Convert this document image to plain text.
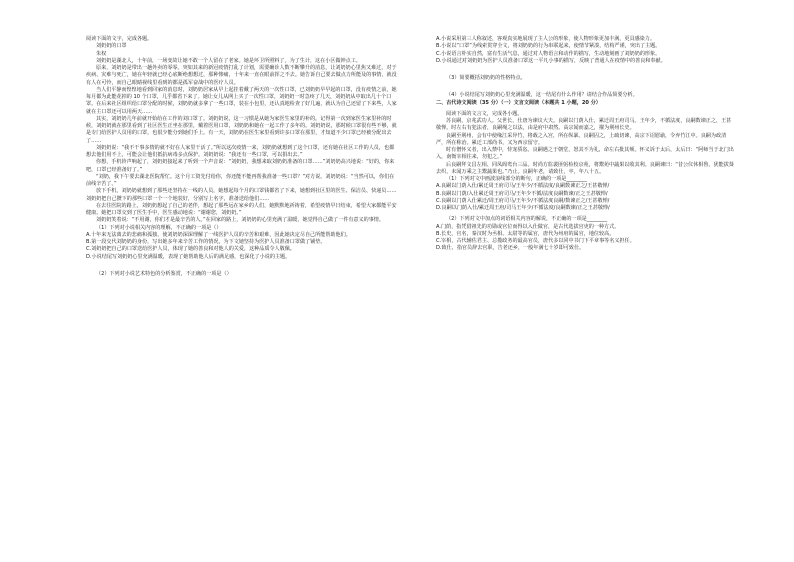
阅读下面的文字，完成各题。

刘奶奶的口罩

朱权

刘奶奶是湖北人，十年前，一场变故让她不敢一个人留在了老家。她是坏卫所照料了，为了生计，这在小区做钟点工。

原来，刘奶奶是带出一趟外卖的零零。突如其来的新冠疫情打乱了计划，需要确诊人数不断攀升的消息，让刘奶奶心里焦又难过，对于疾病、灾难与死亡，她在年轻就已经心底断绝想想过，那种惨痛，十年来一直在眼前挥之不去。她告诉自己要去做点力所能及的事情，就没有人在可怜，而自己眼睛视线里看到的都是孤军奋战中的医疗人员。

当人们平静而惶惶地看到回家的消息时，刘奶奶居家从早上起挂着戴了两天的一次性口罩，已刘奶奶早早起的口罩，没有疫情之前，她每月都为此能花掉的 10 个口罩，几乎都省下来了。她让女儿从网上买了一次性口罩，刘奶奶一时急疼了几天，刘奶奶从中取出几十个口罩。在后来社区组织给口罩分配的时候，刘奶奶就多拿了一些口罩，装在小包里，还认真地检查了好几遍，就认为自己还留了下来些，人家就在主口罩还可以用两天……

其实，刘奶奶几年前就开始给在工作的刘口罩了。刘奶奶说，这一习惯是从她为家医生家里的补的。记得第一次到家医生家里补的时候，刘奶奶就在那里看到了社区医生正坐在那里，戴着医用口罩，刘奶奶和她在一起工作了多年的。刘奶奶说，那时候口罩很有些不够，就是专门给医护人员用的口罩，也很少能分到她们手上。有一天，刘奶奶在医生家里看到许多口罩在那里，才知道不少口罩已经被分配出去了……

刘奶奶说：“我不干事多情的就不好在人家里干活了。”所以这次疫情一来，刘奶奶就想到了这个口罩，还有她在社区工作的人员，也都想去他们用不上，可能会让他们抵抗病毒多点保护。刘奶奶说：“我还有一些口罩，可以捐出去。”

你想，手机铃声响起了，刘奶奶接起来了听到一个声音说：“刘奶奶，我想来取刘奶奶准备的口罩……”刘奶奶高兴地说：“好的，你来吧，口罩已经准备好了。”

“刘奶，我下午要去湖北医院帮忙。这个月工资先付给你，你还能不能再帮我准备一些口罩？”对方说。刘奶奶说：“当然可以，你们在前线辛苦了。”

放下手机，刘奶奶就想到了那些还坚持在一线的人员，她想起每个月的口罩钱都省了下来，她想到社区里的医生、保洁员、快递员……刘奶奶把自己攒下的那些口罩一个一个地装好，分别写上名字，准备送给他们……

在去往医院的路上，刘奶奶想起了自己的老伴，想起了那些远在家乡的人们，她默默地祈祷着，希望疫情早日结束，希望大家都能平安健康。她把口罩交到了医生手中，医生感动地说：“谢谢您，刘奶奶。”

刘奶奶笑着说：“不用谢，你们才是最辛苦的人。”在回家的路上，刘奶奶的心里充满了温暖，她觉得自己做了一件有意义的事情。

（1）下列对小说相关内容的理解，不正确的一项是（）

A.十年来无法离去的悲痛和孤独，使刘奶奶深深理解了一线医护人员的辛苦和艰难，因此她决定尽自己所能帮助他们。

B.第一段交代刘奶奶的身份，写出她多年来辛苦工作的情况，为下文她坚持为医护人员准备口罩做了铺垫。

C.刘奶奶把自己的口罩送给医护人员，体现了她的善良和对他人的关爱，这种品质令人敬佩。

D.小说结尾写刘奶奶心里充满温暖，表现了她帮助他人后的满足感，也深化了小说的主题。

（2）下列对小说艺术特色的分析鉴赏，不正确的一项是（）

A.小说采用第三人称叙述，客观真实地展现了主人公的形象，使人物形象更加丰满，更具感染力。

B.小说以“口罩”为线索贯穿全文，将刘奶奶的行为串联起来，使情节紧凑，结构严谨，突出了主题。

C.小说语言朴实自然，富有生活气息，通过对人物语言和动作的描写，生动地刻画了刘奶奶的形象。

D.小说通过对刘奶奶为医护人员准备口罩这一平凡小事的描写，反映了普通人在疫情中的善良和奉献。

（3）简要概括刘奶奶的性格特点。

（4）小说结尾写刘奶奶心里充满温暖，这一结尾有什么作用？请结合作品简要分析。

二、古代诗文阅读（35 分）（一）文言文阅读（本题共 1 小题，20 分）

阅读下面的文言文，完成各小题。

苏良嗣，京兆武功人。父世长，仕唐为谏议大夫。良嗣以门荫入仕，累迁周王府司马。王年少，不循法度，良嗣数谏正之，王甚敬惮。时左右有犯法者，良嗣绳之以法，由是府中肃然。高宗闻而嘉之，擢为荆州长史。

良嗣至荆州，会有中使缘江采异竹，将载之入宫，所在纵暴。良嗣囚之，上疏切谏，高宗下诏慰谕，令弃竹江中。良嗣为政清严，所在称治。累迁工部尚书，又为西京留守。

时有僧怀义者，出入禁中，恃宠骄恣。良嗣遇之于朝堂，怒其不为礼，命左右批其颊。怀义诉于太后，太后曰：“阿师当于北门出入，南衙宰相往来，勿犯之。”

后良嗣拜文昌左相、同凤阁鸾台三品。时尚方监裴匪躬检校京苑，将鬻苑中蔬果以收其利。良嗣谏曰：“昔公仪休相鲁，犹能拔葵去织，未闻万乘之主鬻蔬果也。”乃止。良嗣年老，请致仕，卒，年八十五。

（1）下列对文中画波浪线部分的断句，正确的一项是________

A.良嗣以门荫入仕/累迁周王府司马/王年少/不循法度/良嗣数谏正之/王甚敬惮/

B.良嗣以门荫/入仕累迁周王府司马/王年少不循/法度良嗣数谏/正之王甚敬惮/

C.良嗣以门荫入仕累迁/周王府司马/王年少/不循法度良嗣/数谏正之/王甚敬惮/

D.良嗣以门荫入仕/累迁周王府/司马王年少/不循法度/良嗣数谏/正之王甚敬惮/

（2）下列对文中加点的词语相关内容的解说，不正确的一项是________

A.门荫，指凭借祖先的功勋或官位而得以入仕做官，是古代选拔官吏的一种方式。

B.长史，官名，秦汉时为丞相、太尉等的属官，唐代为州府的属官，地位较高。

C.宰相，古代辅佐君主、总揽政务的最高官员，唐代多以同中书门下平章事等名义担任。

D.致仕，指官员辞去官职，告老还乡，一般年满七十岁即可致仕。
